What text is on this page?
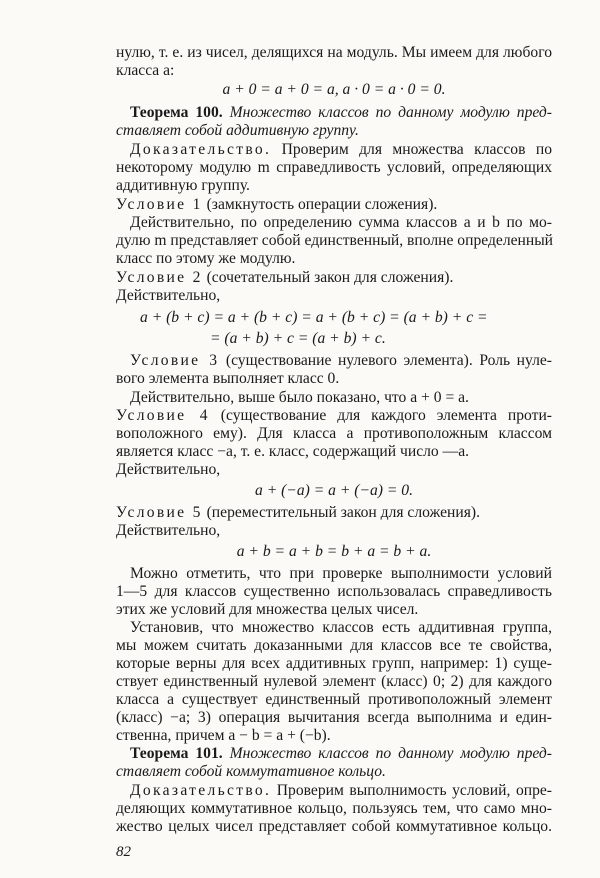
нулю, т. е. из чисел, делящихся на модуль. Мы имеем для любого
класса a:
a + 0 = a + 0 = a, a · 0 = a · 0 = 0.
Теорема 100. Множество классов по данному модулю пред-
ставляет собой аддитивную группу.
Доказательство. Проверим для множества классов по
некоторому модулю m справедливость условий, определяющих
аддитивную группу.
Условие 1 (замкнутость операции сложения).
Действительно, по определению сумма классов a и b по мо-
дулю m представляет собой единственный, вполне определенный
класс по этому же модулю.
Условие 2 (сочетательный закон для сложения).
Действительно,
a + (b + c) = a + (b + c) = a + (b + c) = (a + b) + c =
= (a + b) + c = (a + b) + c.
Условие 3 (существование нулевого элемента). Роль нуле-
вого элемента выполняет класс 0.
Действительно, выше было показано, что a + 0 = a.
Условие 4 (существование для каждого элемента проти-
воположного ему). Для класса a противоположным классом
является класс −a, т. е. класс, содержащий число —a.
Действительно,
a + (−a) = a + (−a) = 0.
Условие 5 (переместительный закон для сложения).
Действительно,
a + b = a + b = b + a = b + a.
Можно отметить, что при проверке выполнимости условий
1—5 для классов существенно использовалась справедливость
этих же условий для множества целых чисел.
Установив, что множество классов есть аддитивная группа,
мы можем считать доказанными для классов все те свойства,
которые верны для всех аддитивных групп, например: 1) суще-
ствует единственный нулевой элемент (класс) 0; 2) для каждого
класса a существует единственный противоположный элемент
(класс) −a; 3) операция вычитания всегда выполнима и един-
ственна, причем a − b = a + (−b).
Теорема 101. Множество классов по данному модулю пред-
ставляет собой коммутативное кольцо.
Доказательство. Проверим выполнимость условий, опре-
деляющих коммутативное кольцо, пользуясь тем, что само мно-
жество целых чисел представляет собой коммутативное кольцо.
82
